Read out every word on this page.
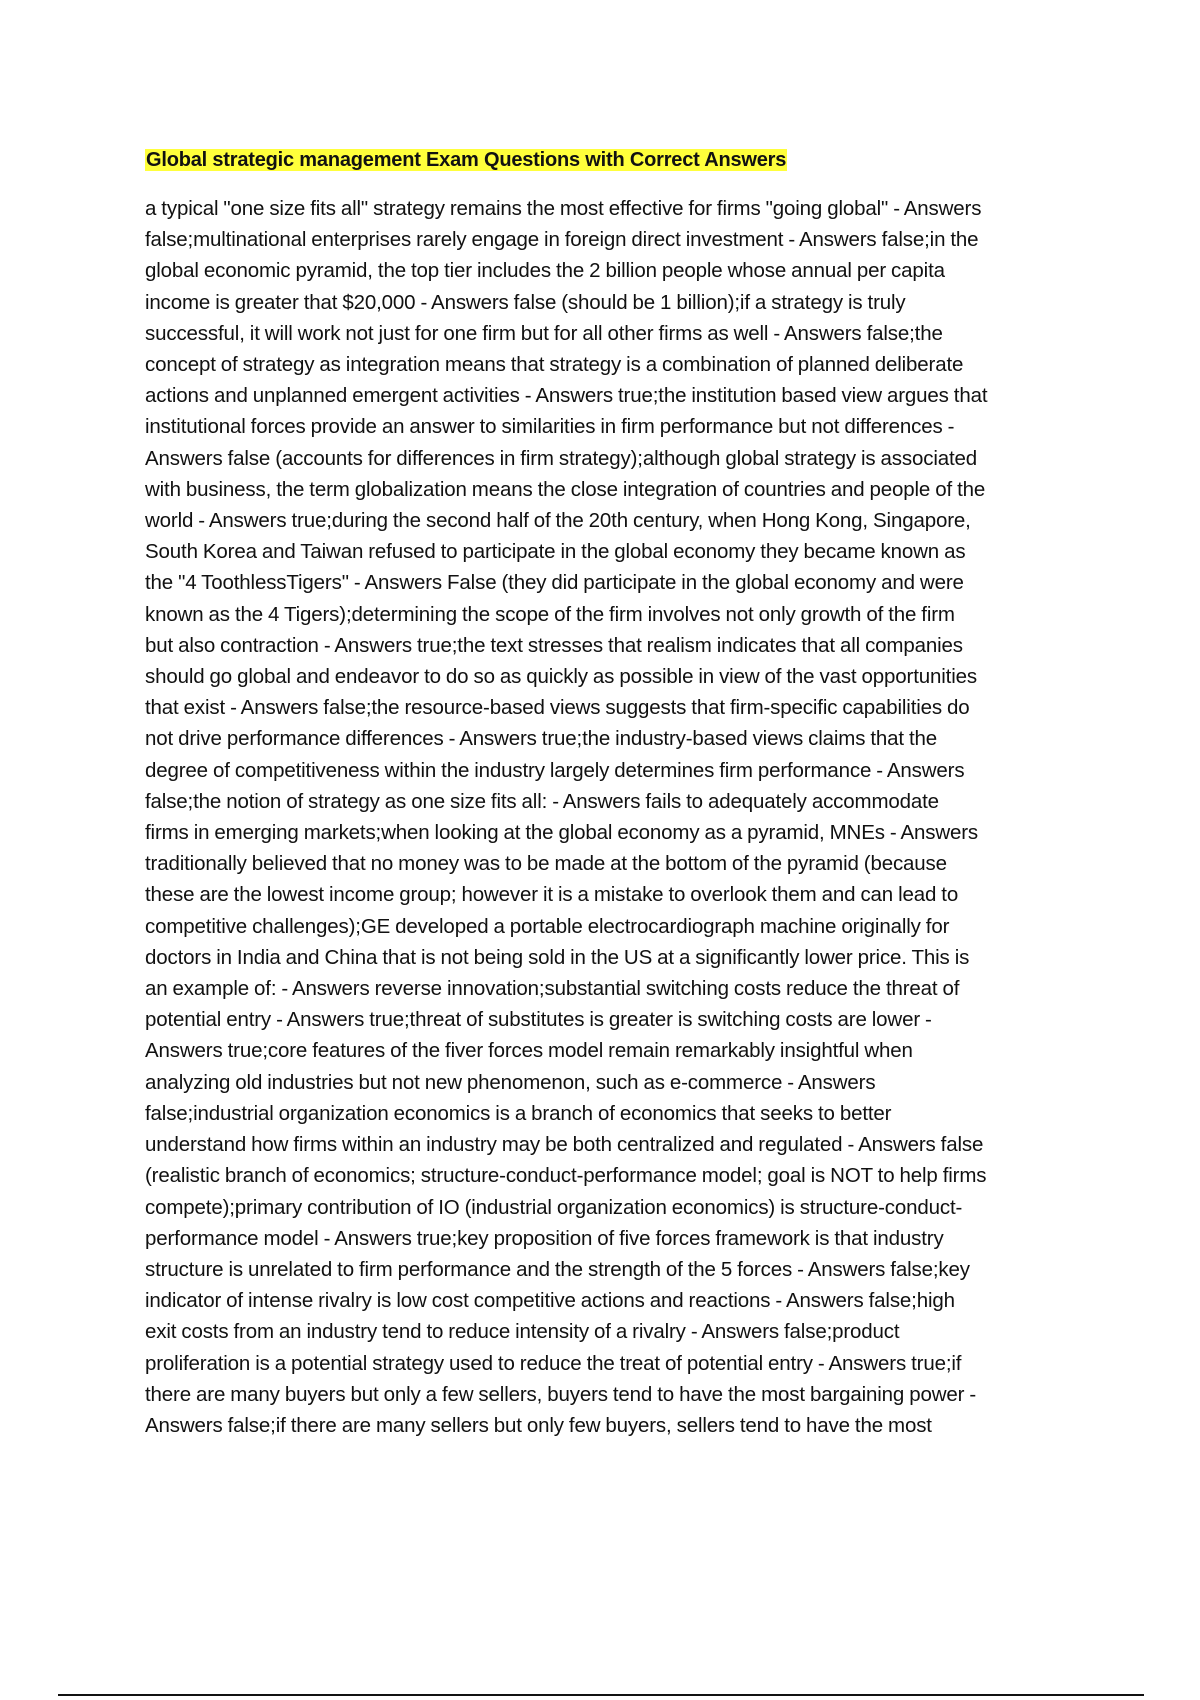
Global strategic management Exam Questions with Correct Answers
a typical "one size fits all" strategy remains the most effective for firms "going global" - Answers
false;multinational enterprises rarely engage in foreign direct investment - Answers false;in the
global economic pyramid, the top tier includes the 2 billion people whose annual per capita
income is greater that $20,000 - Answers false (should be 1 billion);if a strategy is truly
successful, it will work not just for one firm but for all other firms as well - Answers false;the
concept of strategy as integration means that strategy is a combination of planned deliberate
actions and unplanned emergent activities - Answers true;the institution based view argues that
institutional forces provide an answer to similarities in firm performance but not differences -
Answers false (accounts for differences in firm strategy);although global strategy is associated
with business, the term globalization means the close integration of countries and people of the
world - Answers true;during the second half of the 20th century, when Hong Kong, Singapore,
South Korea and Taiwan refused to participate in the global economy they became known as
the "4 ToothlessTigers" - Answers False (they did participate in the global economy and were
known as the 4 Tigers);determining the scope of the firm involves not only growth of the firm
but also contraction - Answers true;the text stresses that realism indicates that all companies
should go global and endeavor to do so as quickly as possible in view of the vast opportunities
that exist - Answers false;the resource-based views suggests that firm-specific capabilities do
not drive performance differences - Answers true;the industry-based views claims that the
degree of competitiveness within the industry largely determines firm performance - Answers
false;the notion of strategy as one size fits all: - Answers fails to adequately accommodate
firms in emerging markets;when looking at the global economy as a pyramid, MNEs - Answers
traditionally believed that no money was to be made at the bottom of the pyramid (because
these are the lowest income group; however it is a mistake to overlook them and can lead to
competitive challenges);GE developed a portable electrocardiograph machine originally for
doctors in India and China that is not being sold in the US at a significantly lower price. This is
an example of: - Answers reverse innovation;substantial switching costs reduce the threat of
potential entry - Answers true;threat of substitutes is greater is switching costs are lower -
Answers true;core features of the fiver forces model remain remarkably insightful when
analyzing old industries but not new phenomenon, such as e-commerce - Answers
false;industrial organization economics is a branch of economics that seeks to better
understand how firms within an industry may be both centralized and regulated - Answers false
(realistic branch of economics; structure-conduct-performance model; goal is NOT to help firms
compete);primary contribution of IO (industrial organization economics) is structure-conduct-
performance model - Answers true;key proposition of five forces framework is that industry
structure is unrelated to firm performance and the strength of the 5 forces - Answers false;key
indicator of intense rivalry is low cost competitive actions and reactions - Answers false;high
exit costs from an industry tend to reduce intensity of a rivalry - Answers false;product
proliferation is a potential strategy used to reduce the treat of potential entry - Answers true;if
there are many buyers but only a few sellers, buyers tend to have the most bargaining power -
Answers false;if there are many sellers but only few buyers, sellers tend to have the most
